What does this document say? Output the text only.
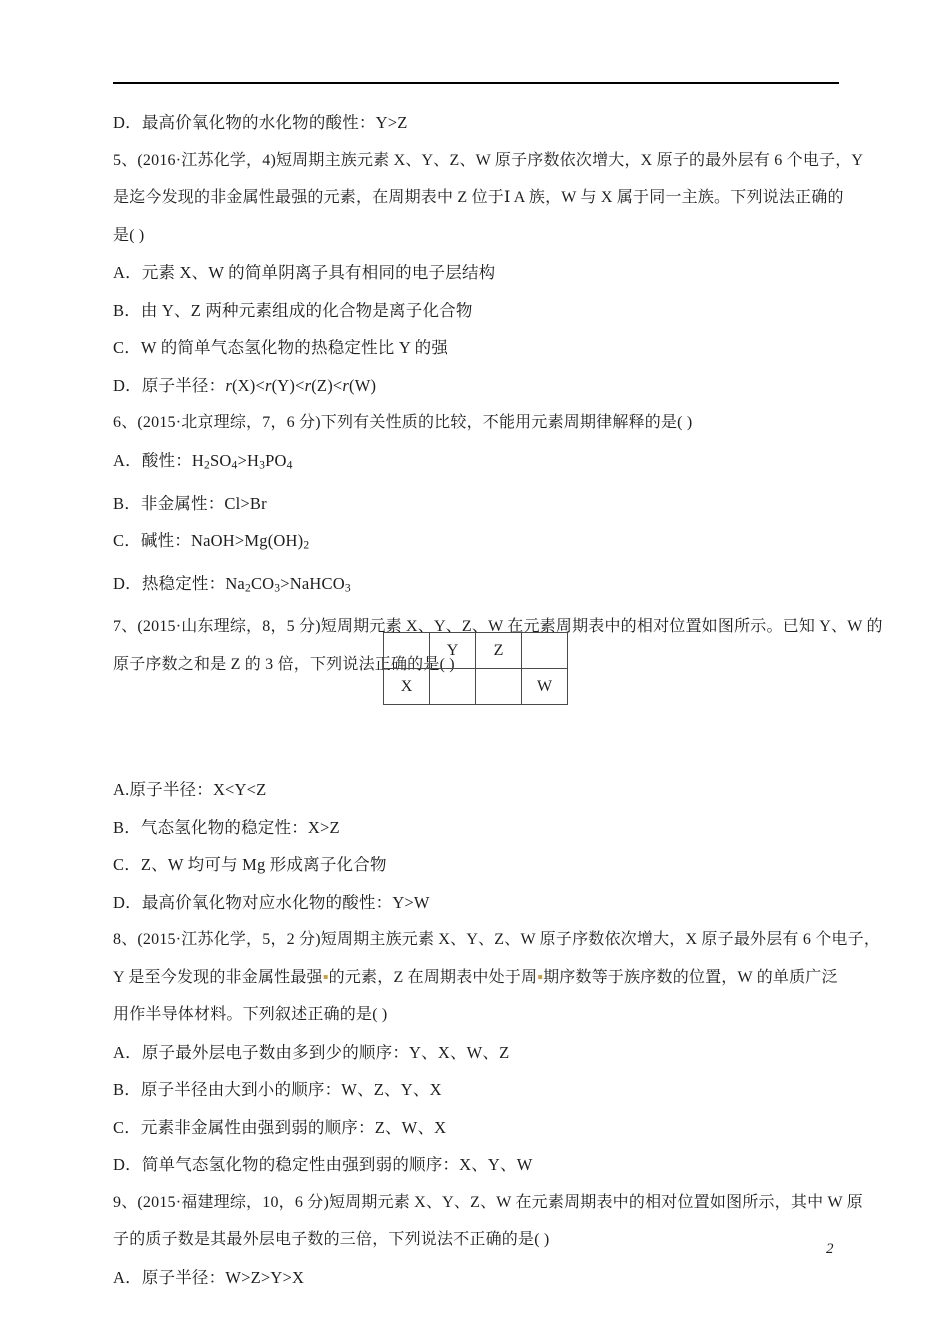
D．最高价氧化物的水化物的酸性：Y>Z
5、(2016·江苏化学，4)短周期主族元素 X、Y、Z、W 原子序数依次增大，X 原子的最外层有 6 个电子，Y
是迄今发现的非金属性最强的元素，在周期表中 Z 位于Ⅰ A 族，W 与 X 属于同一主族。下列说法正确的
是( )
A．元素 X、W 的简单阴离子具有相同的电子层结构
B．由 Y、Z 两种元素组成的化合物是离子化合物
C．W 的简单气态氢化物的热稳定性比 Y 的强
D．原子半径：r(X)<r(Y)<r(Z)<r(W)
6、(2015·北京理综，7，6 分)下列有关性质的比较，不能用元素周期律解释的是( )
A．酸性：$H_2SO_4>H_3PO_4$
B．非金属性：Cl>Br
C．碱性：$NaOH>Mg(OH)_2$
D．热稳定性：$Na_2CO_3>NaHCO_3$
7、(2015·山东理综，8，5 分)短周期元素 X、Y、Z、W 在元素周期表中的相对位置如图所示。已知 Y、W 的
原子序数之和是 Z 的 3 倍，下列说法正确的是( )
A.原子半径：X<Y<Z
B．气态氢化物的稳定性：X>Z
C．Z、W 均可与 Mg 形成离子化合物
D．最高价氧化物对应水化物的酸性：Y>W
8、(2015·江苏化学，5，2 分)短周期主族元素 X、Y、Z、W 原子序数依次增大，X 原子最外层有 6 个电子，
Y 是至今发现的非金属性最强▪的元素，Z 在周期表中处于周▪期序数等于族序数的位置，W 的单质广泛
用作半导体材料。下列叙述正确的是( )
A．原子最外层电子数由多到少的顺序：Y、X、W、Z
B．原子半径由大到小的顺序：W、Z、Y、X
C．元素非金属性由强到弱的顺序：Z、W、X
D．简单气态氢化物的稳定性由强到弱的顺序：X、Y、W
9、(2015·福建理综，10，6 分)短周期元素 X、Y、Z、W 在元素周期表中的相对位置如图所示，其中 W 原
子的质子数是其最外层电子数的三倍，下列说法不正确的是( )
A．原子半径：W>Z>Y>X
	Y	Z	
X			W
2
